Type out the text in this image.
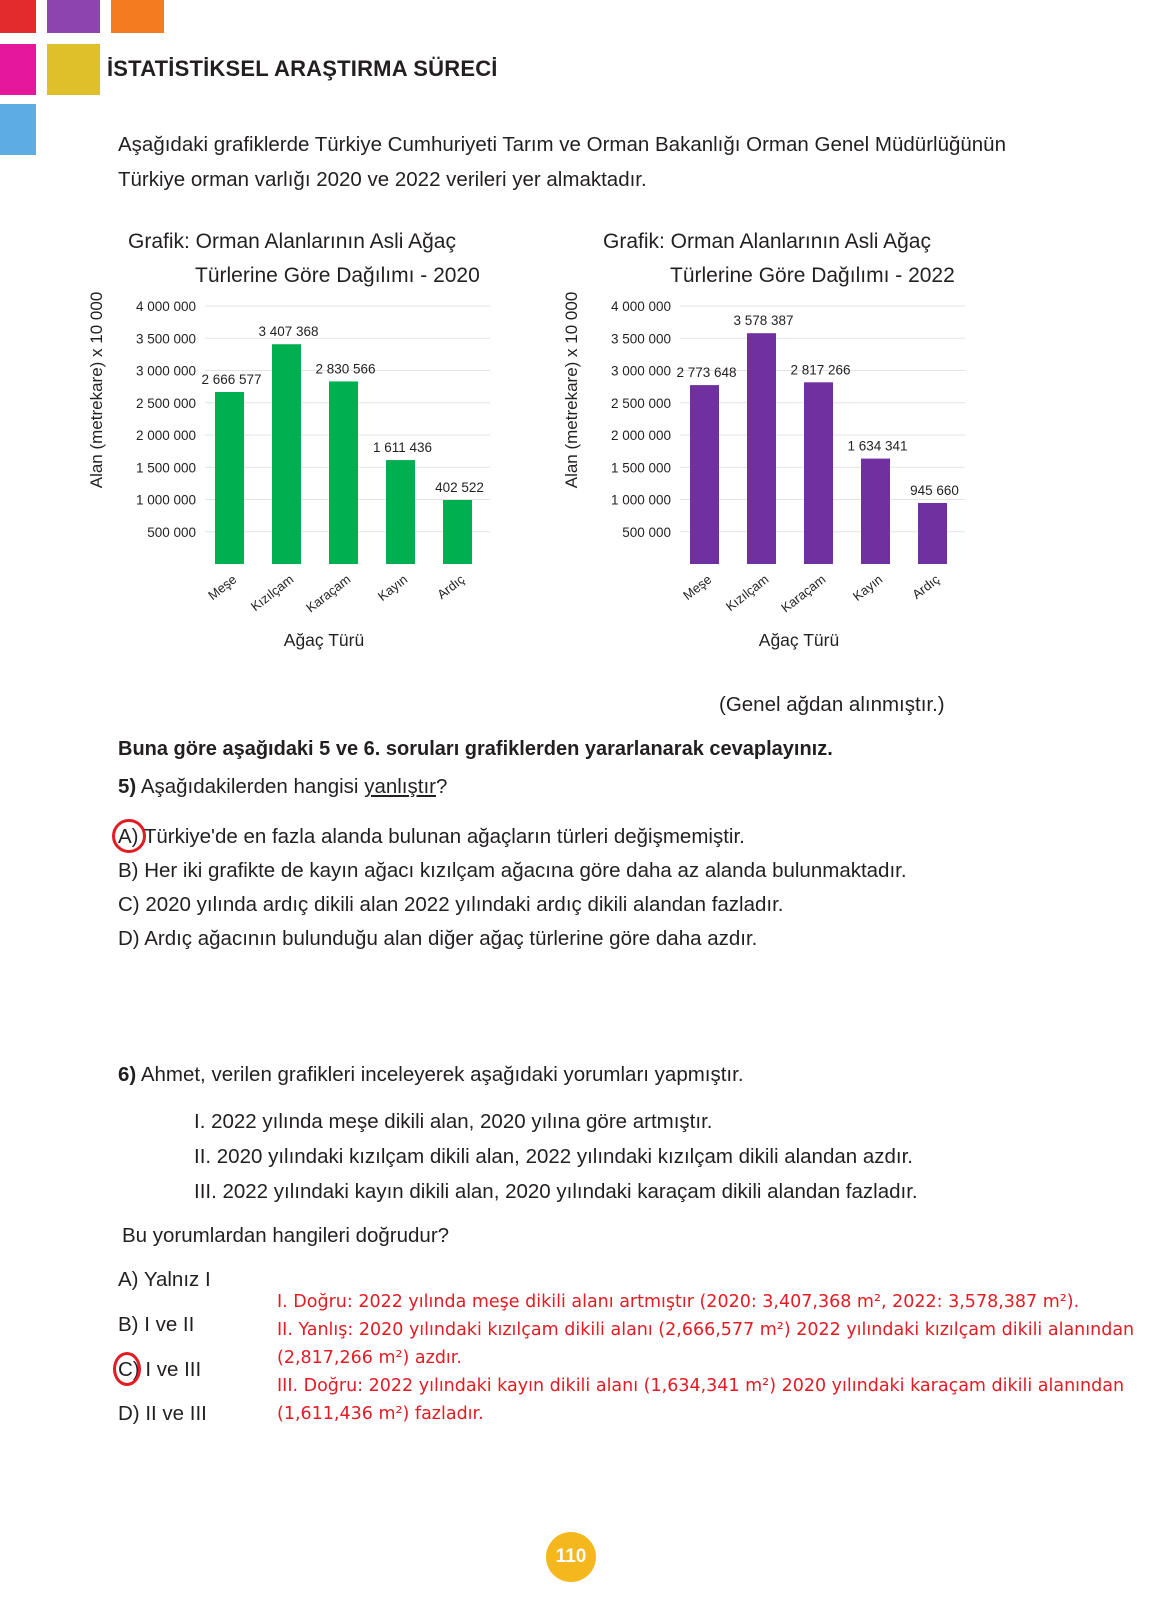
İSTATİSTİKSEL ARAŞTIRMA SÜRECİ
Aşağıdaki grafiklerde Türkiye Cumhuriyeti Tarım ve Orman Bakanlığı Orman Genel Müdürlüğünün Türkiye orman varlığı 2020 ve 2022 verileri yer almaktadır.
Grafik: Orman Alanlarının Asli Ağaç
Türlerine Göre Dağılımı - 2020
Alan (metrekare) x 10 000
500 000
1 000 000
1 500 000
2 000 000
2 500 000
3 000 000
3 500 000
4 000 000
2 666 577
Meşe
3 407 368
Kızılçam
2 830 566
Karaçam
1 611 436
Kayın
402 522
Ardıç
Ağaç Türü
Grafik: Orman Alanlarının Asli Ağaç
Türlerine Göre Dağılımı - 2022
Alan (metrekare) x 10 000
500 000
1 000 000
1 500 000
2 000 000
2 500 000
3 000 000
3 500 000
4 000 000
2 773 648
Meşe
3 578 387
Kızılçam
2 817 266
Karaçam
1 634 341
Kayın
945 660
Ardıç
Ağaç Türü
(Genel ağdan alınmıştır.)
Buna göre aşağıdaki 5 ve 6. soruları grafiklerden yararlanarak cevaplayınız.
5) Aşağıdakilerden hangisi yanlıştır?
A) Türkiye'de en fazla alanda bulunan ağaçların türleri değişmemiştir.
B) Her iki grafikte de kayın ağacı kızılçam ağacına göre daha az alanda bulunmaktadır.
C) 2020 yılında ardıç dikili alan 2022 yılındaki ardıç dikili alandan fazladır.
D) Ardıç ağacının bulunduğu alan diğer ağaç türlerine göre daha azdır.
6) Ahmet, verilen grafikleri inceleyerek aşağıdaki yorumları yapmıştır.
I. 2022 yılında meşe dikili alan, 2020 yılına göre artmıştır.
II. 2020 yılındaki kızılçam dikili alan, 2022 yılındaki kızılçam dikili alandan azdır.
III. 2022 yılındaki kayın dikili alan, 2020 yılındaki karaçam dikili alandan fazladır.
Bu yorumlardan hangileri doğrudur?
A) Yalnız I
B) I ve II
C) I ve III
D) II ve III
I. Doğru: 2022 yılında meşe dikili alanı artmıştır (2020: 3,407,368 m², 2022: 3,578,387 m²).
II. Yanlış: 2020 yılındaki kızılçam dikili alanı (2,666,577 m²) 2022 yılındaki kızılçam dikili alanından (2,817,266 m²) azdır.
III. Doğru: 2022 yılındaki kayın dikili alanı (1,634,341 m²) 2020 yılındaki karaçam dikili alanından (1,611,436 m²) fazladır.
110
